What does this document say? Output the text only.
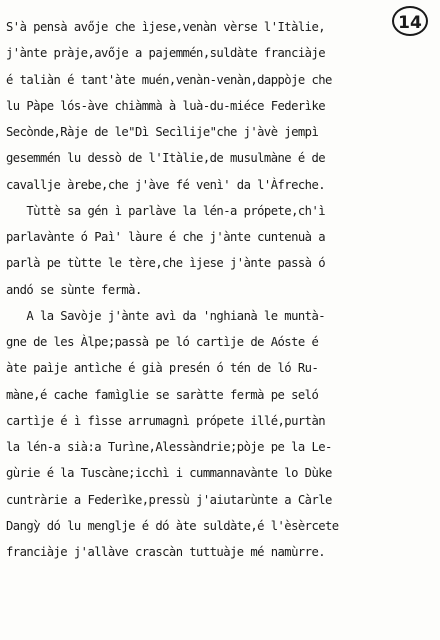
14
S'à pensà avője che ìjese,venàn vèrse l'Itàlie,
j'ànte pràje,avője a pajemmén,suldàte franciàje
é taliàn é tant'àte muén,venàn-venàn,dappòje che
lu Pàpe lós-àve chiàmmà à luà-du-miéce Federìke
Secònde,Ràje de le"Dì Secìlije"che j'àvè jempì
gesemmén lu dessò de l'Itàlie,de musulmàne é de
cavallje àrebe,che j'àve fé venì' da l'Àfreche.
Tùttè sa gén ì parlàve la lén-a própete,ch'ì
parlavànte ó Paì' làure é che j'ànte cuntenuà a
parlà pe tùtte le tère,che ìjese j'ànte passà ó
andó se sùnte fermà.
A la Savòje j'ànte avì da 'nghianà le muntà-
gne de les Àlpe;passà pe ló cartìje de Aóste é
àte paìje antìche é già presén ó tén de ló Ru-
màne,é cache famìglie se saràtte fermà pe seló
cartìje é ì fìsse arrumagnì própete illé,purtàn
la lén-a sià:a Turìne,Alessàndrie;pòje pe la Le-
gùrie é la Tuscàne;icchì i cummannavànte lo Dùke
cuntràrie a Federìke,pressù j'aiutarùnte a Càrle
Dangỳ dó lu menglje é dó àte suldàte,é l'èsèrcete
franciàje j'allàve crascàn tuttuàje mé namùrre.
